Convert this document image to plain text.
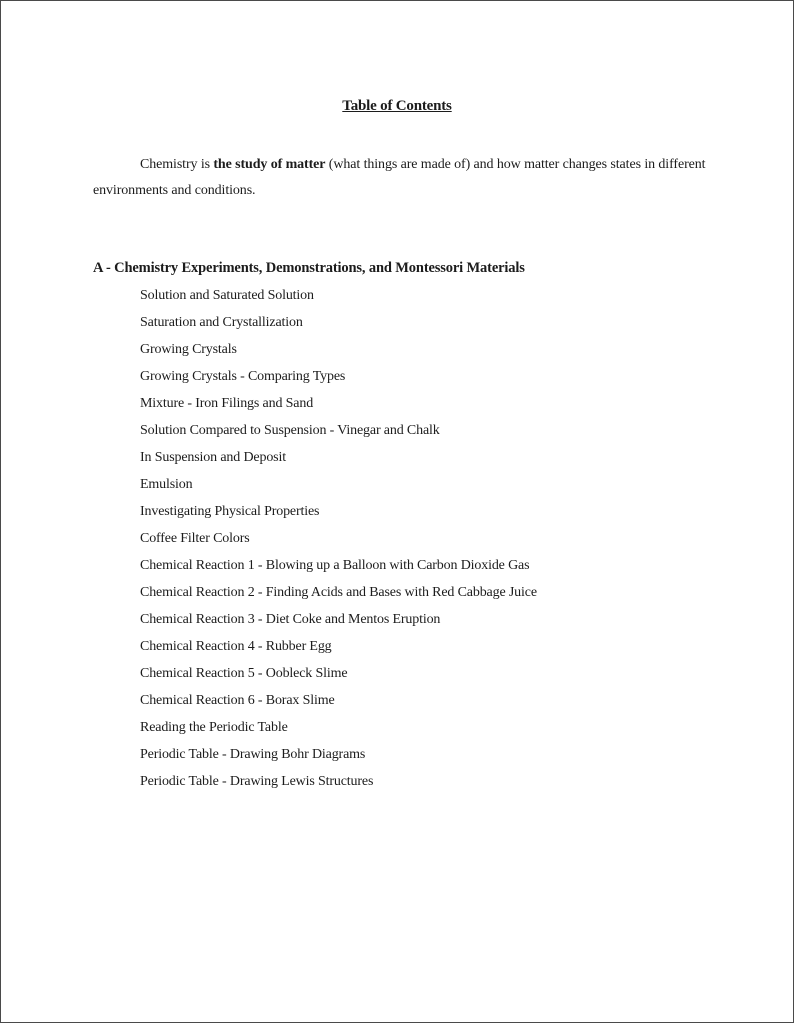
Table of Contents

Chemistry is the study of matter (what things are made of) and how matter changes states in different environments and conditions.

A - Chemistry Experiments, Demonstrations, and Montessori Materials
Solution and Saturated Solution
Saturation and Crystallization
Growing Crystals
Growing Crystals - Comparing Types
Mixture - Iron Filings and Sand
Solution Compared to Suspension - Vinegar and Chalk
In Suspension and Deposit
Emulsion
Investigating Physical Properties
Coffee Filter Colors
Chemical Reaction 1 - Blowing up a Balloon with Carbon Dioxide Gas
Chemical Reaction 2 - Finding Acids and Bases with Red Cabbage Juice
Chemical Reaction 3 - Diet Coke and Mentos Eruption
Chemical Reaction 4 - Rubber Egg
Chemical Reaction 5 - Oobleck Slime
Chemical Reaction 6 - Borax Slime
Reading the Periodic Table
Periodic Table - Drawing Bohr Diagrams
Periodic Table - Drawing Lewis Structures
